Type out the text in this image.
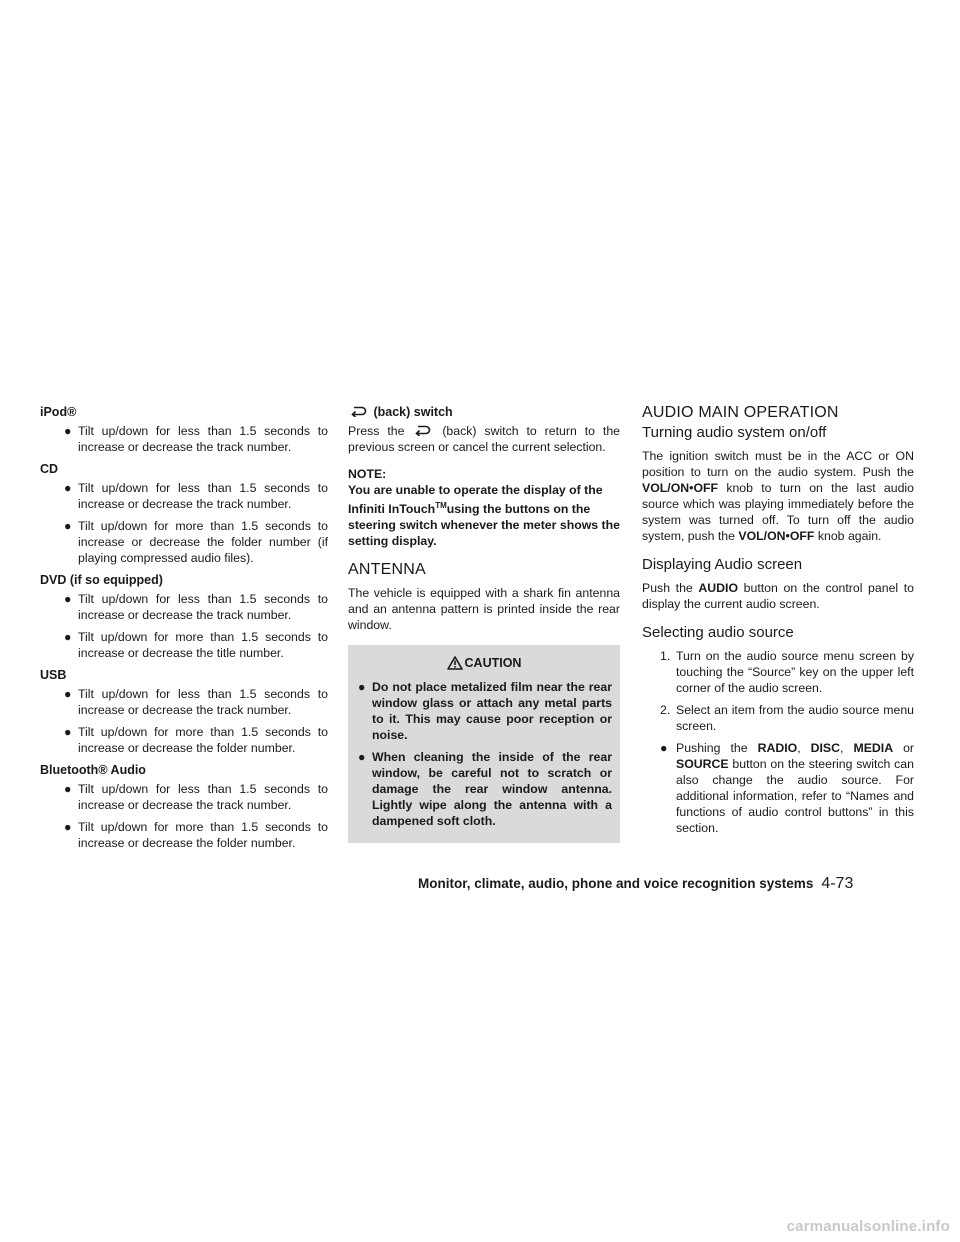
iPod®
● Tilt up/down for less than 1.5 seconds to increase or decrease the track number.
CD
● Tilt up/down for less than 1.5 seconds to increase or decrease the track number.
● Tilt up/down for more than 1.5 seconds to increase or decrease the folder number (if playing compressed audio files).
DVD (if so equipped)
● Tilt up/down for less than 1.5 seconds to increase or decrease the track number.
● Tilt up/down for more than 1.5 seconds to increase or decrease the title number.
USB
● Tilt up/down for less than 1.5 seconds to increase or decrease the track number.
● Tilt up/down for more than 1.5 seconds to increase or decrease the folder number.
Bluetooth® Audio
● Tilt up/down for less than 1.5 seconds to increase or decrease the track number.
● Tilt up/down for more than 1.5 seconds to increase or decrease the folder number.
(back) switch

Press the	(back) switch to return to the previous screen or cancel the current selection.

NOTE:
You are unable to operate the display of the Infiniti InTouch™using the buttons on the steering switch whenever the meter shows the setting display.
ANTENNA

The vehicle is equipped with a shark fin antenna and an antenna pattern is printed inside the rear window.

CAUTION
● Do not place metalized film near the rear window glass or attach any metal parts to it. This may cause poor reception or noise.
● When cleaning the inside of the rear window, be careful not to scratch or damage the rear window antenna. Lightly wipe along the antenna with a dampened soft cloth.
AUDIO MAIN OPERATION
Turning audio system on/off

The ignition switch must be in the ACC or ON position to turn on the audio system. Push the VOL/ON•OFF knob to turn on the last audio source which was playing immediately before the system was turned off. To turn off the audio system, push the VOL/ON•OFF knob again.

Displaying Audio screen

Push the AUDIO button on the control panel to display the current audio screen.

Selecting audio source
1. Turn on the audio source menu screen by touching the “Source” key on the upper left corner of the audio screen.
2. Select an item from the audio source menu screen.
● Pushing the RADIO, DISC, MEDIA or SOURCE button on the steering switch can also change the audio source. For additional information, refer to “Names and functions of audio control buttons” in this section.
Monitor, climate, audio, phone and voice recognition systems 4-73
carmanualsonline.info
